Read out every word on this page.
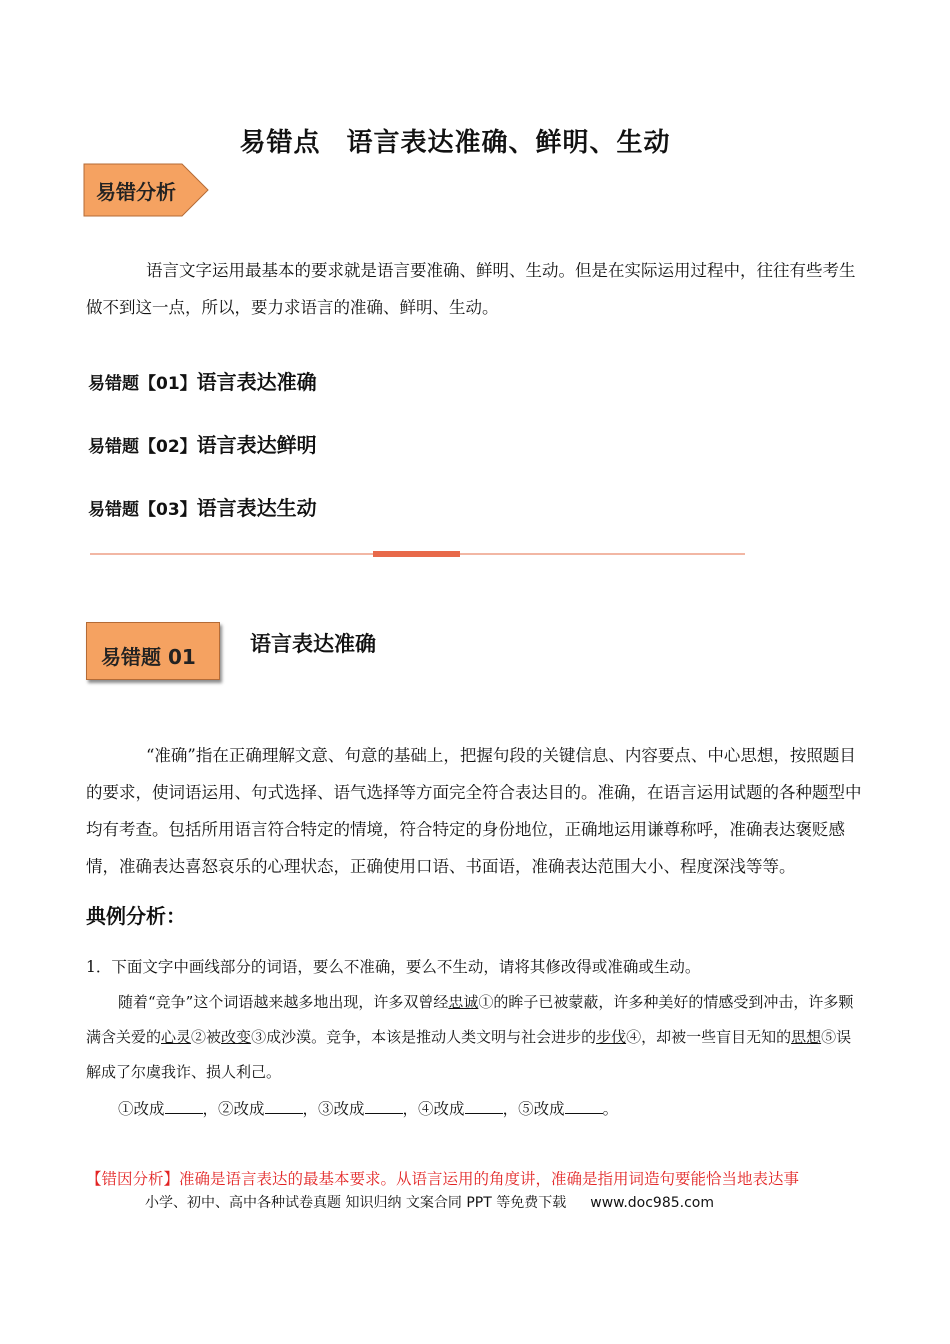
易错点 语言表达准确、鲜明、生动
易错分析

语言文字运用最基本的要求就是语言要准确、鲜明、生动。但是在实际运用过程中，往往有些考生做不到这一点，所以，要力求语言的准确、鲜明、生动。

易错题【01】语言表达准确
易错题【02】语言表达鲜明
易错题【03】语言表达生动
易错题 01
语言表达准确

“准确”指在正确理解文意、句意的基础上，把握句段的关键信息、内容要点、中心思想，按照题目的要求，使词语运用、句式选择、语气选择等方面完全符合表达目的。准确，在语言运用试题的各种题型中均有考查。包括所用语言符合特定的情境，符合特定的身份地位，正确地运用谦尊称呼，准确表达褒贬感情，准确表达喜怒哀乐的心理状态，正确使用口语、书面语，准确表达范围大小、程度深浅等等。

典例分析：
1．下面文字中画线部分的词语，要么不准确，要么不生动，请将其修改得或准确或生动。

随着“竞争”这个词语越来越多地出现，许多双曾经忠诚①的眸子已被蒙蔽，许多种美好的情感受到冲击，许多颗满含关爱的心灵②被改变③成沙漠。竞争，本该是推动人类文明与社会进步的步伐④，却被一些盲目无知的思想⑤误解成了尔虞我诈、损人利己。

①改成 ，②改成 ，③改成 ，④改成 ，⑤改成 。
【错因分析】准确是语言表达的最基本要求。从语言运用的角度讲，准确是指用词造句要能恰当地表达事
小学、初中、高中各种试卷真题 知识归纳 文案合同 PPT 等免费下载 www.doc985.com
